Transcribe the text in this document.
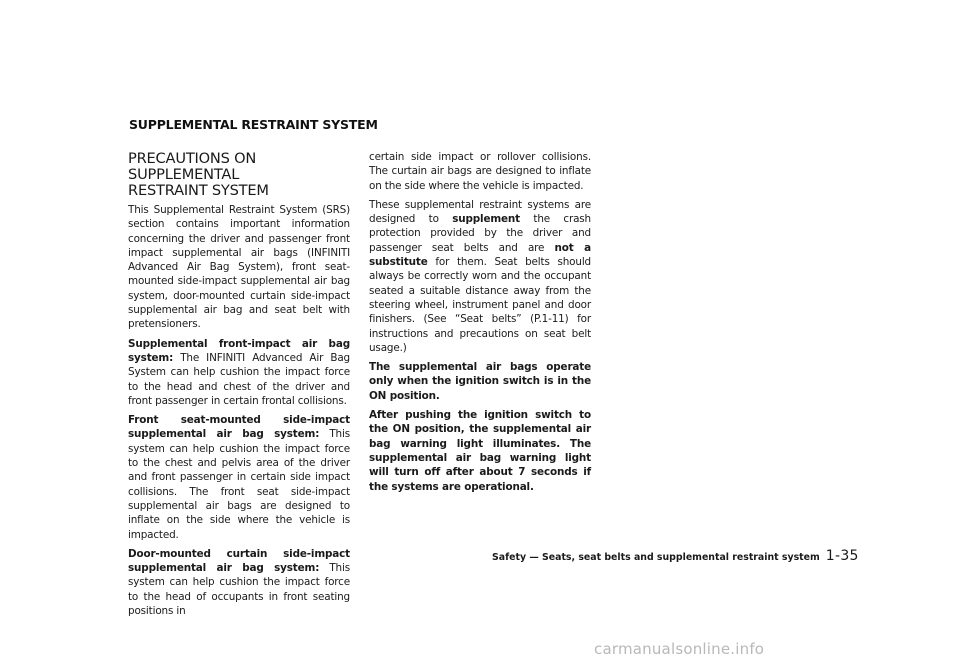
SUPPLEMENTAL RESTRAINT SYSTEM
PRECAUTIONS ON SUPPLEMENTAL
RESTRAINT SYSTEM

This Supplemental Restraint System (SRS) section contains important information concerning the driver and passenger front impact supplemental air bags (INFINITI Advanced Air Bag System), front seat-mounted side-impact supplemental air bag system, door-mounted curtain side-impact supplemental air bag and seat belt with pretensioners.

Supplemental front-impact air bag system: The INFINITI Advanced Air Bag System can help cushion the impact force to the head and chest of the driver and front passenger in certain frontal collisions.

Front seat-mounted side-impact supplemental air bag system: This system can help cushion the impact force to the chest and pelvis area of the driver and front passenger in certain side impact collisions. The front seat side-impact supplemental air bags are designed to inflate on the side where the vehicle is impacted.

Door-mounted curtain side-impact supplemental air bag system: This system can help cushion the impact force to the head of occupants in front seating positions in

certain side impact or rollover collisions. The curtain air bags are designed to inflate on the side where the vehicle is impacted.

These supplemental restraint systems are designed to supplement the crash protection provided by the driver and passenger seat belts and are not a substitute for them. Seat belts should always be correctly worn and the occupant seated a suitable distance away from the steering wheel, instrument panel and door finishers. (See “Seat belts” (P.1-11) for instructions and precautions on seat belt usage.)

The supplemental air bags operate only when the ignition switch is in the ON position.

After pushing the ignition switch to the ON position, the supplemental air bag warning light illuminates. The supplemental air bag warning light will turn off after about 7 seconds if the systems are operational.

Safety — Seats, seat belts and supplemental restraint system 1-35
carmanualsonline.info
